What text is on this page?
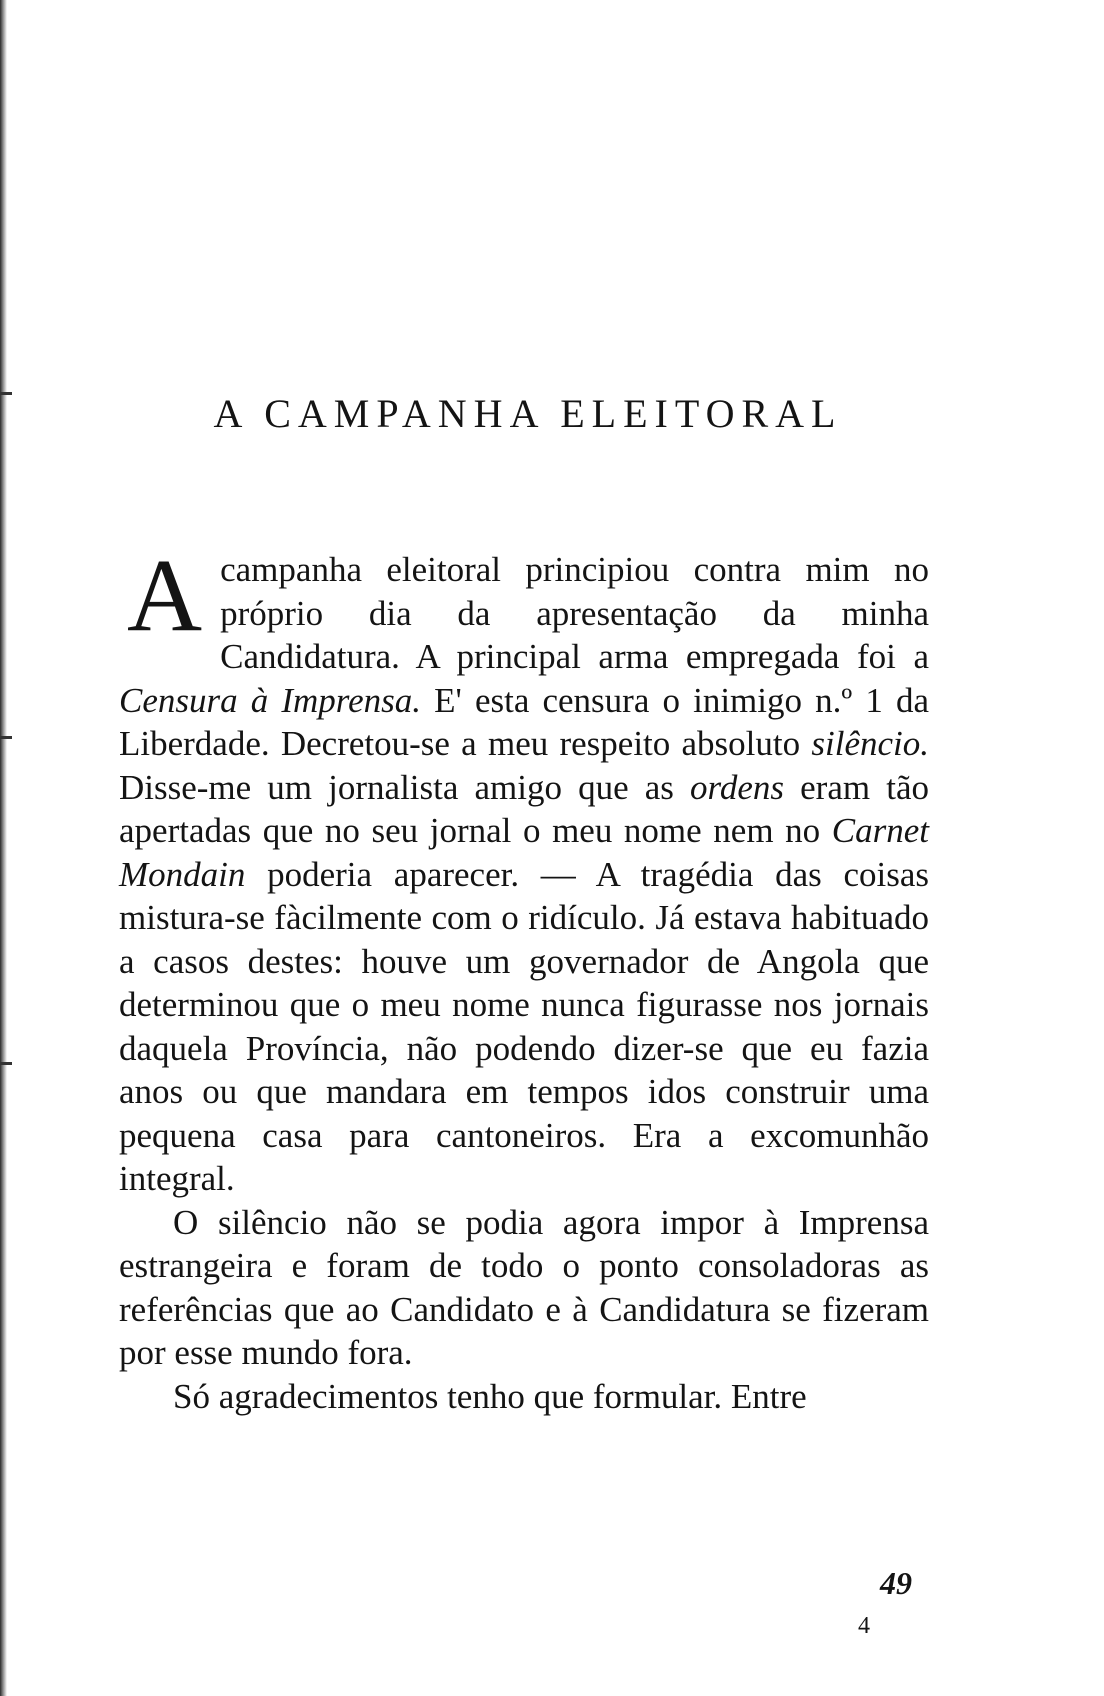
A CAMPANHA ELEITORAL

A campanha eleitoral principiou contra mim no próprio dia da apresentação da minha Candidatura. A principal arma empregada foi a Censura à Imprensa. E' esta censura o inimigo n.º 1 da Liberdade. Decretou-se a meu respeito absoluto silêncio. Disse-me um jornalista amigo que as ordens eram tão apertadas que no seu jornal o meu nome nem no Carnet Mondain poderia aparecer. — A tragédia das coisas mistura-se fàcilmente com o ridículo. Já estava habituado a casos destes: houve um governador de Angola que determinou que o meu nome nunca figurasse nos jornais daquela Província, não podendo dizer-se que eu fazia anos ou que mandara em tempos idos construir uma pequena casa para cantoneiros. Era a excomunhão integral.

O silêncio não se podia agora impor à Imprensa estrangeira e foram de todo o ponto consoladoras as referências que ao Candidato e à Candidatura se fizeram por esse mundo fora.

Só agradecimentos tenho que formular. Entre

49
4
